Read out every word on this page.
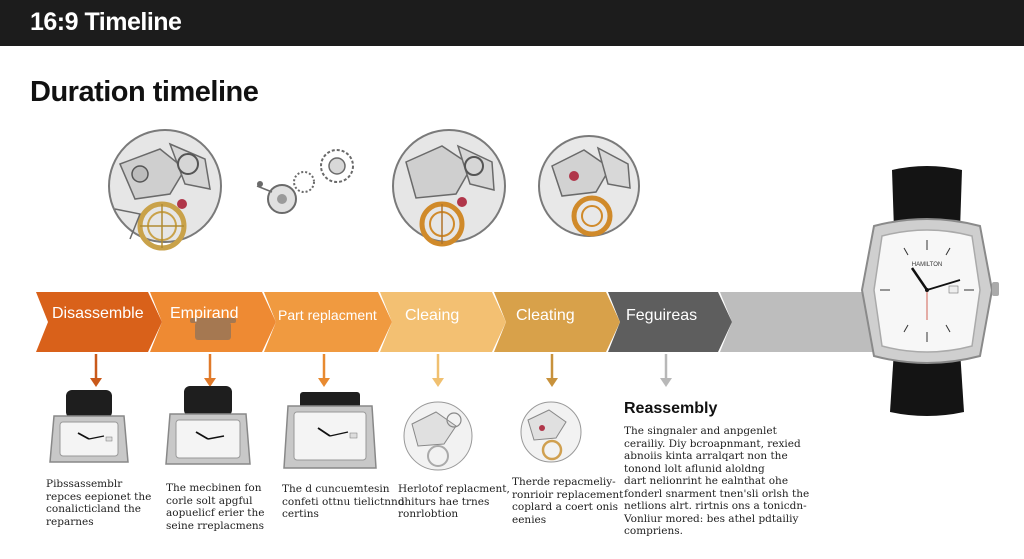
16:9 Timeline
Duration timeline
Disassemble Empirand	Part replacment Cleaing	Cleating	Feguireas
HAMILTON
Pibssassemblr
repces eepionet the
conalicticland the
reparnes
The mecbinen fon
corle solt apgful
aopuelicf erier the
seine rreplacmens
The d cuncuemtesin
confeti ottnu tielictnnd
certins
Herlotof replacment,
ohiturs hae trnes
ronrlobtion
Therde repacmeliy-
ronrioir replacement
coplard a coert onis
eenies
Reassembly
The singnaler and anpgenlet
cerailiy. Diy bcroapnmant, rexied
abnoiis kinta arralqart non the
tonond lolt aflunid aloldng
dart nelionrint he ealnthat ohe
fonderl snarment tnen'sli orlsh the
netlions alrt. rirtnis ons a tonicdn-
Vonliur mored: bes athel pdtailiy
compriens.
